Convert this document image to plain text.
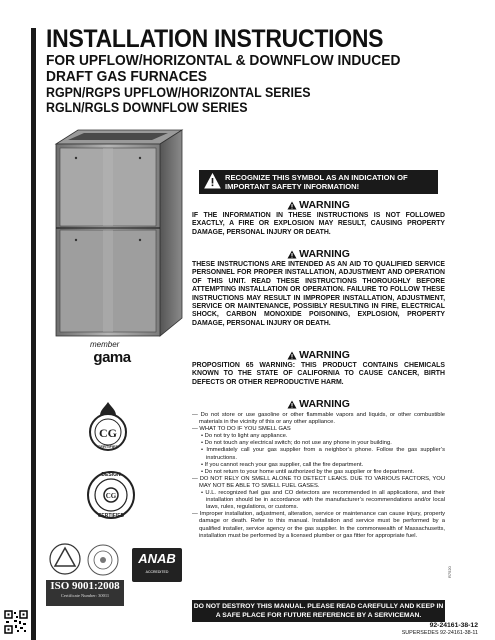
INSTALLATION INSTRUCTIONS
FOR UPFLOW/HORIZONTAL & DOWNFLOW INDUCED
DRAFT GAS FURNACES
RGPN/RGPS UPFLOW/HORIZONTAL SERIES
RGLN/RGLS DOWNFLOW SERIES
member
gama
CG
CERTIFIED
CG
DESIGN
CERTIFIED
ISO 9001:2008
Certificate Number: 30011
ANAB
ACCREDITED
RECOGNIZE THIS SYMBOL AS AN INDICATION OF IMPORTANT SAFETY INFORMATION!
WARNING
IF THE INFORMATION IN THESE INSTRUCTIONS IS NOT FOLLOWED EXACTLY, A FIRE OR EXPLOSION MAY RESULT, CAUSING PROPERTY DAMAGE, PERSONAL INJURY OR DEATH.
WARNING
THESE INSTRUCTIONS ARE INTENDED AS AN AID TO QUALIFIED SERVICE PERSONNEL FOR PROPER INSTALLATION, ADJUSTMENT AND OPERATION OF THIS UNIT. READ THESE INSTRUCTIONS THOROUGHLY BEFORE ATTEMPTING INSTALLATION OR OPERATION. FAILURE TO FOLLOW THESE INSTRUCTIONS MAY RESULT IN IMPROPER INSTALLATION, ADJUSTMENT, SERVICE OR MAINTENANCE, POSSIBLY RESULTING IN FIRE, ELECTRICAL SHOCK, CARBON MONOXIDE POISONING, EXPLOSION, PROPERTY DAMAGE, PERSONAL INJURY OR DEATH.
WARNING
PROPOSITION 65 WARNING: THIS PRODUCT CONTAINS CHEMICALS KNOWN TO THE STATE OF CALIFORNIA TO CAUSE CANCER, BIRTH DEFECTS OR OTHER REPRODUCTIVE HARM.
WARNING
— Do not store or use gasoline or other flammable vapors and liquids, or other combustible materials in the vicinity of this or any other appliance.
— WHAT TO DO IF YOU SMELL GAS
• Do not try to light any appliance.
• Do not touch any electrical switch; do not use any phone in your building.
• Immediately call your gas supplier from a neighbor’s phone. Follow the gas supplier’s instructions.
• If you cannot reach your gas supplier, call the fire department.
• Do not return to your home until authorized by the gas supplier or fire department.
— DO NOT RELY ON SMELL ALONE TO DETECT LEAKS. DUE TO VARIOUS FACTORS, YOU MAY NOT BE ABLE TO SMELL FUEL GASES.
• U.L. recognized fuel gas and CO detectors are recommended in all applications, and their installation should be in accordance with the manufacturer’s recommendations and/or local laws, rules, regulations, or customs.
— Improper installation, adjustment, alteration, service or maintenance can cause injury, property damage or death. Refer to this manual. Installation and service must be performed by a qualified installer, service agency or the gas supplier. In the commonwealth of Massachusetts, installation must be performed by a licensed plumber or gas fitter for appropriate fuel.
R7520
DO NOT DESTROY THIS MANUAL. PLEASE READ CAREFULLY AND KEEP IN A SAFE PLACE FOR FUTURE REFERENCE BY A SERVICEMAN.
92-24161-38-12
SUPERSEDES 92-24161-38-11
